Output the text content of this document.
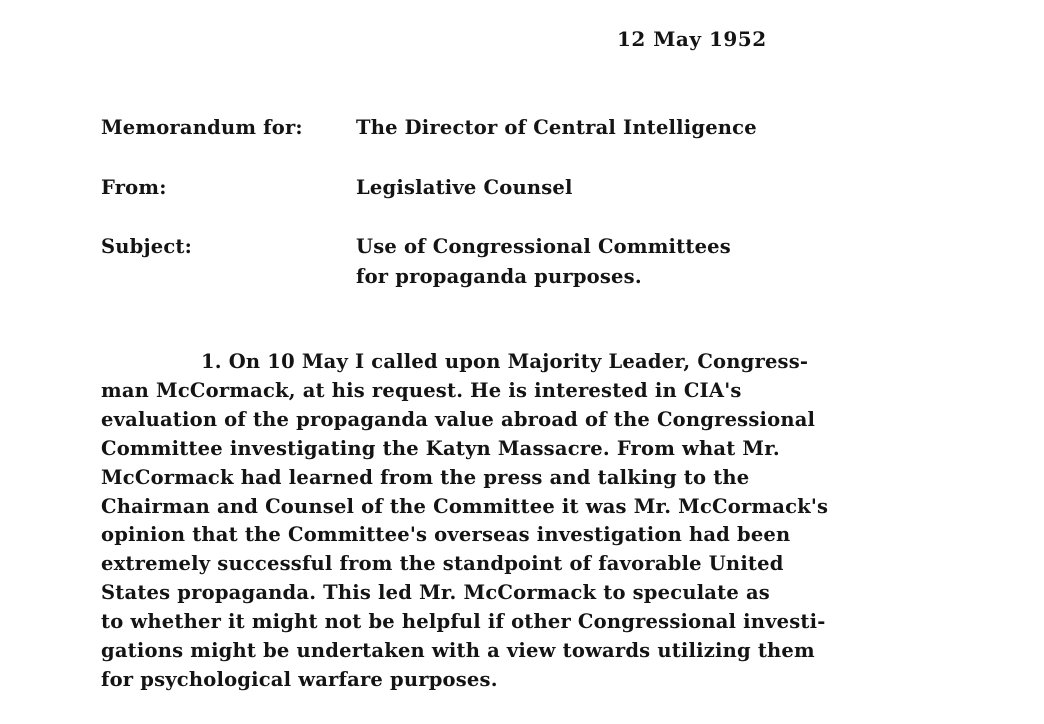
12 May 1952
Memorandum for:	The Director of Central Intelligence
From:	Legislative Counsel
Subject:	Use of Congressional Committees
for propaganda purposes.
1. On 10 May I called upon Majority Leader, Congress-
man McCormack, at his request. He is interested in CIA's
evaluation of the propaganda value abroad of the Congressional
Committee investigating the Katyn Massacre. From what Mr.
McCormack had learned from the press and talking to the
Chairman and Counsel of the Committee it was Mr. McCormack's
opinion that the Committee's overseas investigation had been
extremely successful from the standpoint of favorable United
States propaganda. This led Mr. McCormack to speculate as
to whether it might not be helpful if other Congressional investi-
gations might be undertaken with a view towards utilizing them
for psychological warfare purposes.
